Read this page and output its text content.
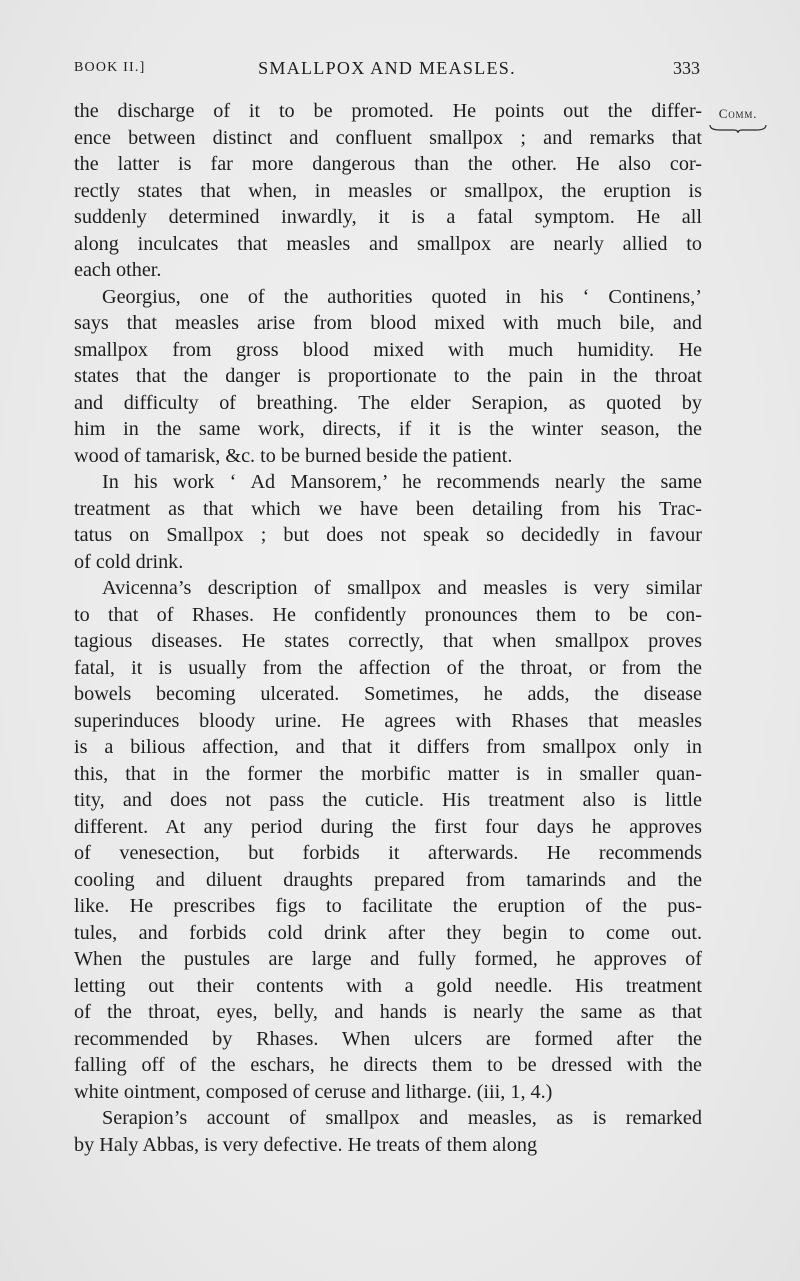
BOOK II.]	SMALLPOX AND MEASLES.	333
Comm.
the discharge of it to be promoted. He points out the differ-
ence between distinct and confluent smallpox ; and remarks that
the latter is far more dangerous than the other. He also cor-
rectly states that when, in measles or smallpox, the eruption is
suddenly determined inwardly, it is a fatal symptom. He all
along inculcates that measles and smallpox are nearly allied to
each other.
Georgius, one of the authorities quoted in his ‘ Continens,’
says that measles arise from blood mixed with much bile, and
smallpox from gross blood mixed with much humidity. He
states that the danger is proportionate to the pain in the throat
and difficulty of breathing. The elder Serapion, as quoted by
him in the same work, directs, if it is the winter season, the
wood of tamarisk, &c. to be burned beside the patient.
In his work ‘ Ad Mansorem,’ he recommends nearly the same
treatment as that which we have been detailing from his Trac-
tatus on Smallpox ; but does not speak so decidedly in favour
of cold drink.
Avicenna’s description of smallpox and measles is very similar
to that of Rhases. He confidently pronounces them to be con-
tagious diseases. He states correctly, that when smallpox proves
fatal, it is usually from the affection of the throat, or from the
bowels becoming ulcerated. Sometimes, he adds, the disease
superinduces bloody urine. He agrees with Rhases that measles
is a bilious affection, and that it differs from smallpox only in
this, that in the former the morbific matter is in smaller quan-
tity, and does not pass the cuticle. His treatment also is little
different. At any period during the first four days he approves
of venesection, but forbids it afterwards. He recommends
cooling and diluent draughts prepared from tamarinds and the
like. He prescribes figs to facilitate the eruption of the pus-
tules, and forbids cold drink after they begin to come out.
When the pustules are large and fully formed, he approves of
letting out their contents with a gold needle. His treatment
of the throat, eyes, belly, and hands is nearly the same as that
recommended by Rhases. When ulcers are formed after the
falling off of the eschars, he directs them to be dressed with the
white ointment, composed of ceruse and litharge. (iii, 1, 4.)
Serapion’s account of smallpox and measles, as is remarked
by Haly Abbas, is very defective. He treats of them along
